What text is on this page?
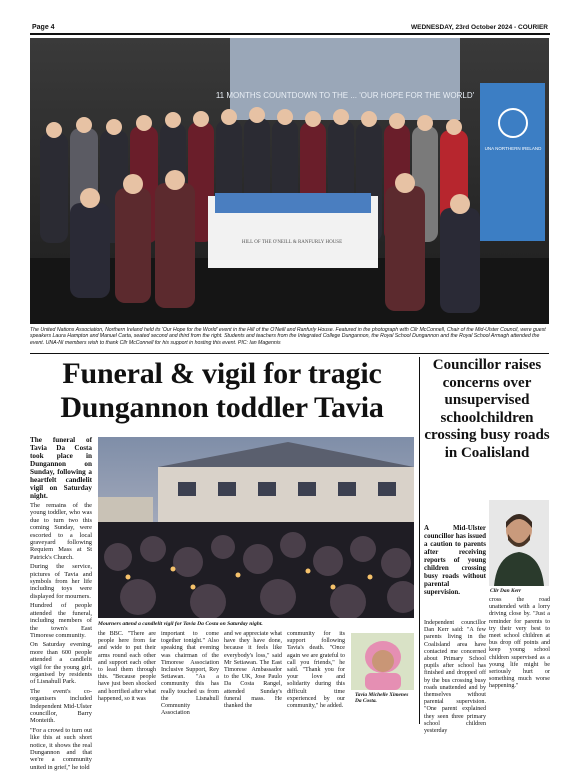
Page 4	WEDNESDAY, 23rd October 2024 - COURIER
11 MONTHS COUNTDOWN TO THE ... 'OUR HOPE FOR THE WORLD'
UNA NORTHERN IRELAND
HILL OF THE O'NEILL & RANFURLY HOUSE
The United Nations Association, Northern Ireland held its 'Our Hope for the World' event in the Hill of the O'Neill and Ranfurly House. Featured in the photograph with Cllr McConnell, Chair of the Mid-Ulster Council, were guest speakers Laura Hampton and Manuel Carta, seated second and third from the right. Students and teachers from the Integrated College Dungannon, the Royal School Dungannon and the Royal School Armagh attended the event. UNA-NI members wish to thank Cllr McConnell for his support in hosting this event. PIC: Ian Magennis
Funeral & vigil for tragic Dungannon toddler Tavia

The funeral of Tavia Da Costa took place in Dungannon on Sunday, following a heartfelt candlelit vigil on Saturday night.

The remains of the young toddler, who was due to turn two this coming Sunday, were escorted to a local graveyard following Requiem Mass at St Patrick's Church.

During the service, pictures of Tavia and symbols from her life including toys were displayed for mourners.

Hundred of people attended the funeral, including members of the town's East Timorese community.

On Saturday evening, more than 600 people attended a candlelit vigil for the young girl, organised by residents of Lisnahull Park.

The event's co-organisers included Independent Mid-Ulster councillor, Barry Monteith.

"For a crowd to turn out like this at such short notice, it shows the real Dungannon and that we're a community united in grief," he told

Mourners attend a candlelit vigil for Tavia Da Costa on Saturday night.

the BBC. "There are people here from far and wide to put their arms round each other and support each other to lead them through this. "Because people have just been shocked and horrified after what happened, so it was

important to come together tonight." Also speaking that evening was chairman of the Timorese Association Inclusive Support, Rey Setiawan. "As a community this has really touched us from the Lisnahull Community Association

and we appreciate what have they have done, because it feels like everybody's loss," said Mr Setiawan. The East Timorese Ambassador to the UK, Jose Paulo Da Costa Rangel, attended Sunday's funeral mass. He thanked the

community for its support following Tavia's death. "Once again we are grateful to call you friends," he said. "Thank you for your love and solidarity during this difficult time experienced by our community," he added.

Tavia Michelle Ximenes Da Costa.
Councillor raises concerns over unsupervised schoolchildren crossing busy roads in Coalisland
A Mid-Ulster councillor has issued a caution to parents after receiving reports of young children crossing busy roads without parental supervision.
Independent councillor Dan Kerr said: "A few parents living in the Coalisland area have contacted me concerned about Primary School pupils after school has finished and dropped off by the bus crossing busy roads unattended and by themselves without parental supervision. "One parent explained they seen three primary school children yesterday
Cllr Dan Kerr
cross the road unattended with a lorry driving close by. "Just a reminder for parents to try their very best to meet school children at bus drop off points and keep young school children supervised as a young life might be seriously hurt or something much worse happening."
